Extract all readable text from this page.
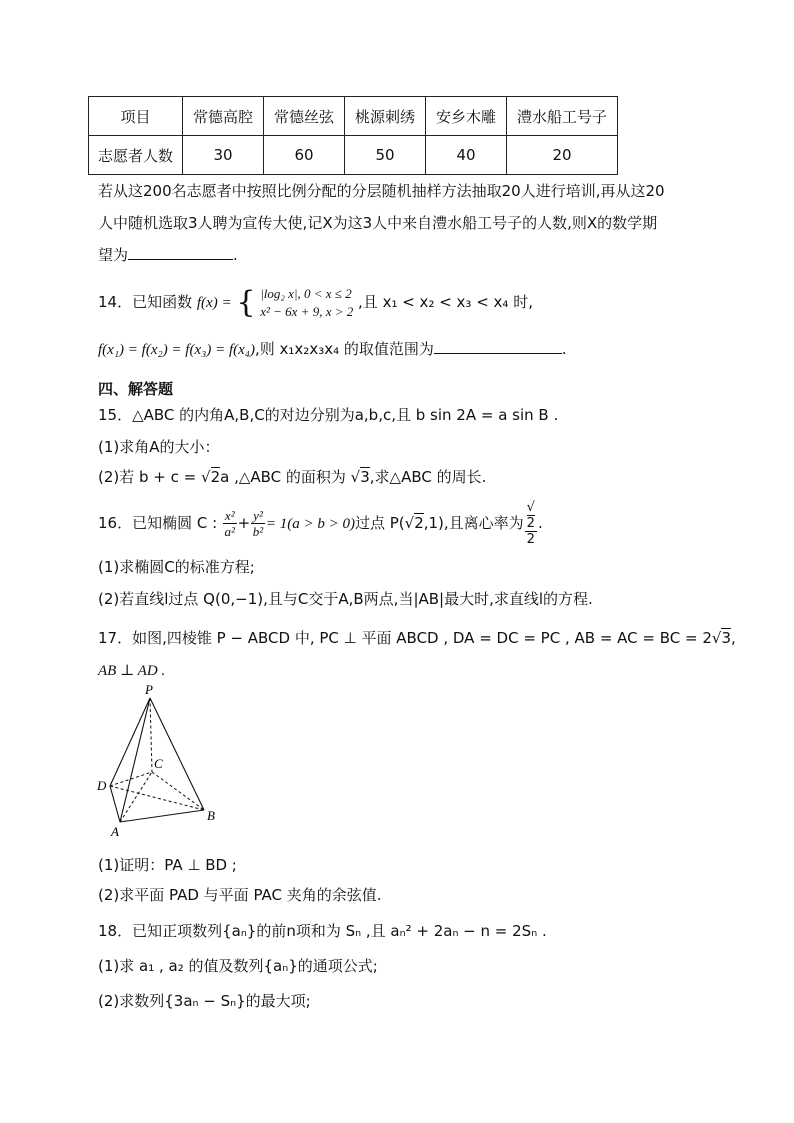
项目	常德高腔	常德丝弦	桃源刺绣	安乡木雕	澧水船工号子
志愿者人数	30	60	50	40	20
若从这200名志愿者中按照比例分配的分层随机抽样方法抽取20人进行培训,再从这20
人中随机选取3人聘为宣传大使,记X为这3人中来自澧水船工号子的人数,则X的数学期
望为	.
14．已知函数 f(x) = { |log₂ x|, 0 < x ≤ 2
x² − 6x + 9, x > 2 ,且 x₁ < x₂ < x₃ < x₄ 时,
f(x₁) = f(x₂) = f(x₃) = f(x₄),则 x₁x₂x₃x₄ 的取值范围为	.
四、解答题
15．△ABC 的内角A,B,C的对边分别为a,b,c,且 b sin 2A = a sin B .
(1)求角A的大小：
(2)若 b + c = √2a ,△ABC 的面积为 √3,求△ABC 的周长.
16．已知椭圆 C : $\frac{\text{x²}}{\text{a²}} + \frac{\text{y²}}{\text{b²}} = 1(a > b > 0)$过点 P(√2,1),且离心率为 √
2
2 .
(1)求椭圆C的标准方程;
(2)若直线l过点 Q(0,−1),且与C交于A,B两点,当|AB|最大时,求直线l的方程.
17．如图,四棱锥 P − ABCD 中, PC ⊥ 平面 ABCD , DA = DC = PC , AB = AC = BC = 2√3,
AB ⊥ AD .
P
C
D
B
A
(1)证明：PA ⊥ BD ;
(2)求平面 PAD 与平面 PAC 夹角的余弦值.
18．已知正项数列{aₙ}的前n项和为 Sₙ ,且 aₙ² + 2aₙ − n = 2Sₙ .
(1)求 a₁ , a₂ 的值及数列{aₙ}的通项公式;
(2)求数列{3aₙ − Sₙ}的最大项;
